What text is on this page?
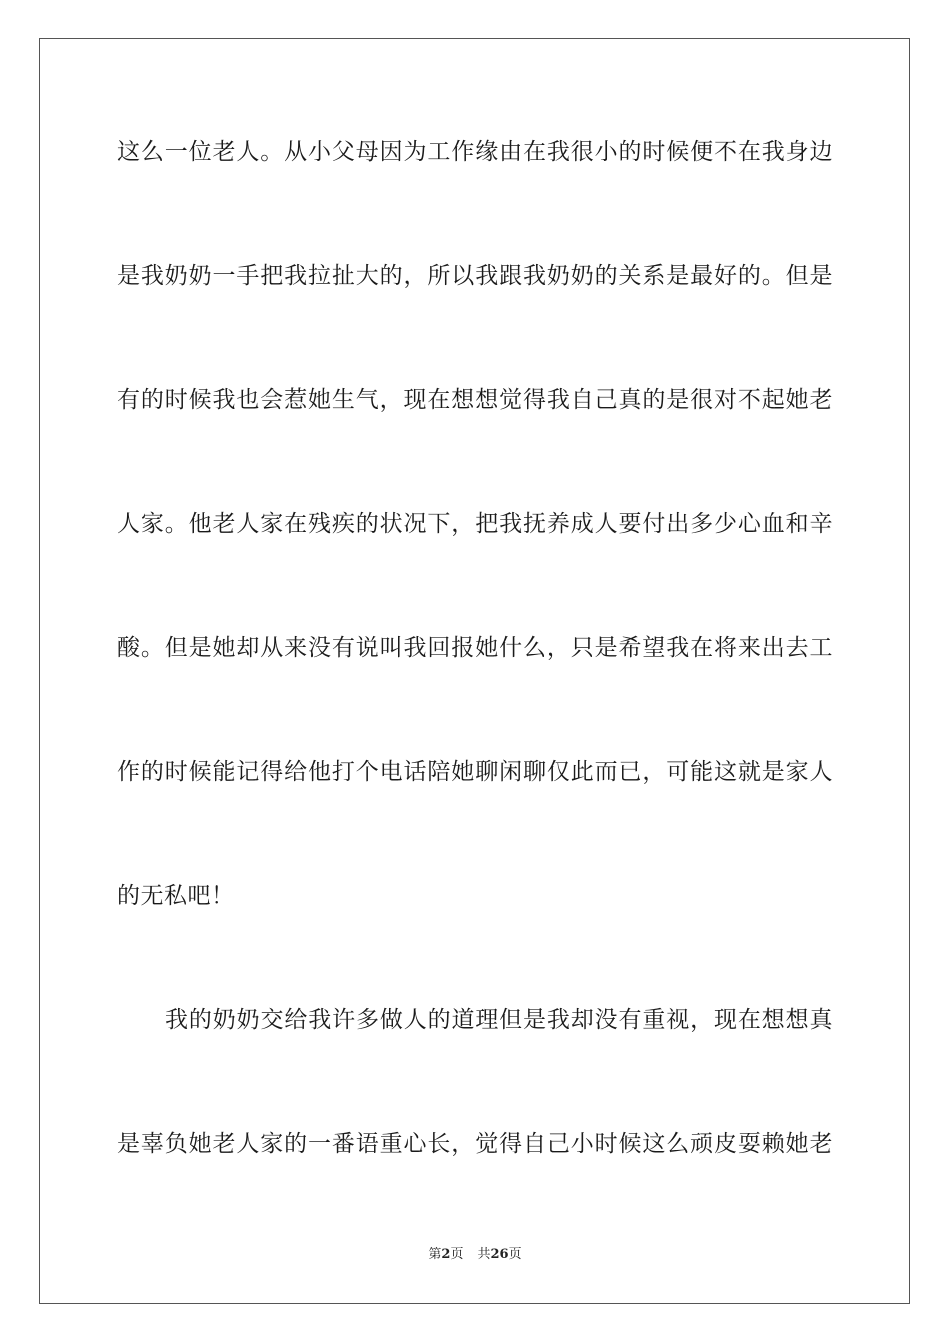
这么一位老人。从小父母因为工作缘由在我很小的时候便不在我身边
是我奶奶一手把我拉扯大的，所以我跟我奶奶的关系是最好的。但是
有的时候我也会惹她生气，现在想想觉得我自己真的是很对不起她老
人家。他老人家在残疾的状况下，把我抚养成人要付出多少心血和辛
酸。但是她却从来没有说叫我回报她什么，只是希望我在将来出去工
作的时候能记得给他打个电话陪她聊闲聊仅此而已，可能这就是家人
的无私吧！
我的奶奶交给我许多做人的道理但是我却没有重视，现在想想真
是辜负她老人家的一番语重心长，觉得自己小时候这么顽皮耍赖她老
第2页 共26页
